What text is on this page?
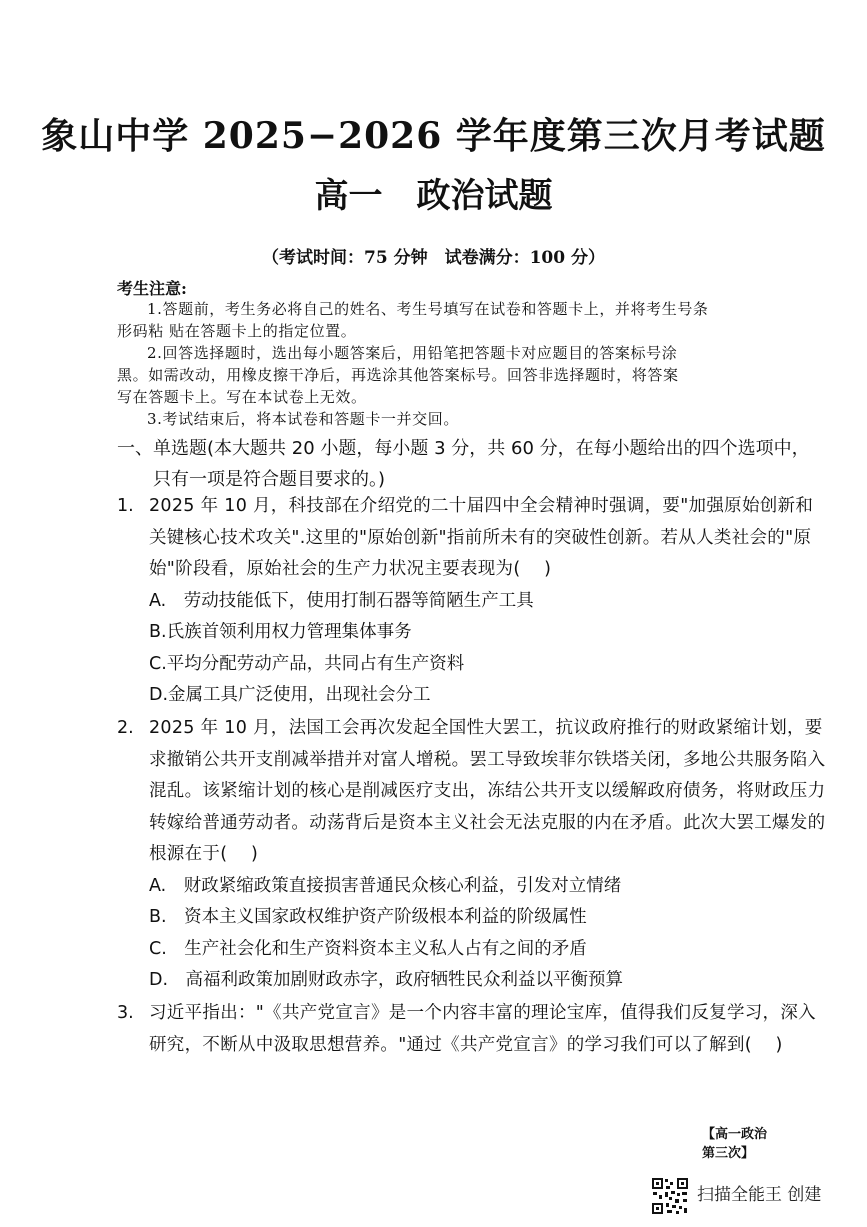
象山中学 2025−2026 学年度第三次月考试题
高一　政治试题
（考试时间：75 分钟　试卷满分：100 分）
考生注意:

1.答题前，考生务必将自己的姓名、考生号填写在试卷和答题卡上，并将考生号条

形码粘 贴在答题卡上的指定位置。

2.回答选择题时，选出每小题答案后，用铅笔把答题卡对应题目的答案标号涂

黑。如需改动，用橡皮擦干净后，再选涂其他答案标号。回答非选择题时，将答案

写在答题卡上。写在本试卷上无效。

3.考试结束后，将本试卷和答题卡一并交回。

一、单选题(本大题共 20 小题，每小题 3 分，共 60 分，在每小题给出的四个选项中，
只有一项是符合题目要求的。)
1. 2025 年 10 月，科技部在介绍党的二十届四中全会精神时强调，要"加强原始创新和关键核心技术攻关".这里的"原始创新"指前所未有的突破性创新。若从人类社会的"原始"阶段看，原始社会的生产力状况主要表现为(　 )
A.　劳动技能低下，使用打制石器等简陋生产工具
B.氏族首领利用权力管理集体事务
C.平均分配劳动产品，共同占有生产资料
D.金属工具广泛使用，出现社会分工
2. 2025 年 10 月，法国工会再次发起全国性大罢工，抗议政府推行的财政紧缩计划，要求撤销公共开支削减举措并对富人增税。罢工导致埃菲尔铁塔关闭，多地公共服务陷入混乱。该紧缩计划的核心是削减医疗支出，冻结公共开支以缓解政府债务，将财政压力转嫁给普通劳动者。动荡背后是资本主义社会无法克服的内在矛盾。此次大罢工爆发的根源在于(　 )
A.　财政紧缩政策直接损害普通民众核心利益，引发对立情绪
B.　资本主义国家政权维护资产阶级根本利益的阶级属性
C.　生产社会化和生产资料资本主义私人占有之间的矛盾
D.　高福利政策加剧财政赤字，政府牺牲民众利益以平衡预算
3. 习近平指出："《共产党宣言》是一个内容丰富的理论宝库，值得我们反复学习，深入研究，不断从中汲取思想营养。"通过《共产党宣言》的学习我们可以了解到(　 )
【高一政治第三次】
扫描全能王 创建
